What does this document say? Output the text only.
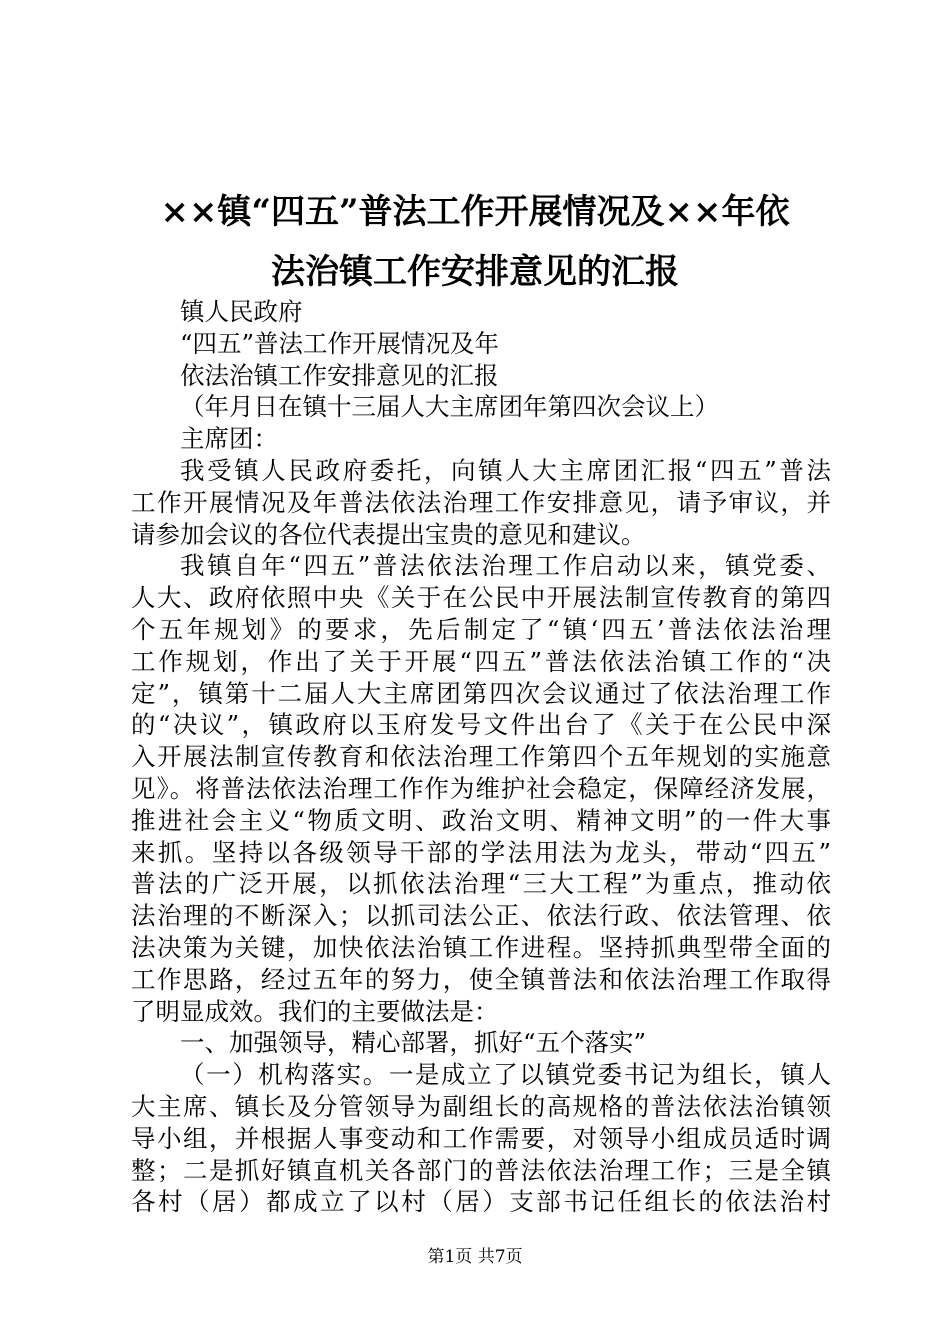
××镇“四五”普法工作开展情况及××年依
法治镇工作安排意见的汇报
镇人民政府
“四五”普法工作开展情况及年
依法治镇工作安排意见的汇报
（年月日在镇十三届人大主席团年第四次会议上）
主席团：
我受镇人民政府委托，向镇人大主席团汇报“四五”普法
工作开展情况及年普法依法治理工作安排意见，请予审议，并
请参加会议的各位代表提出宝贵的意见和建议。
我镇自年“四五”普法依法治理工作启动以来，镇党委、
人大、政府依照中央《关于在公民中开展法制宣传教育的第四
个五年规划》的要求，先后制定了“镇‘四五’普法依法治理
工作规划，作出了关于开展“四五”普法依法治镇工作的“决
定”，镇第十二届人大主席团第四次会议通过了依法治理工作
的“决议”，镇政府以玉府发号文件出台了《关于在公民中深
入开展法制宣传教育和依法治理工作第四个五年规划的实施意
见》。将普法依法治理工作作为维护社会稳定，保障经济发展，
推进社会主义“物质文明、政治文明、精神文明”的一件大事
来抓。坚持以各级领导干部的学法用法为龙头，带动“四五”
普法的广泛开展，以抓依法治理“三大工程”为重点，推动依
法治理的不断深入；以抓司法公正、依法行政、依法管理、依
法决策为关键，加快依法治镇工作进程。坚持抓典型带全面的
工作思路，经过五年的努力，使全镇普法和依法治理工作取得
了明显成效。我们的主要做法是：
一、加强领导，精心部署，抓好“五个落实”
（一）机构落实。一是成立了以镇党委书记为组长，镇人
大主席、镇长及分管领导为副组长的高规格的普法依法治镇领
导小组，并根据人事变动和工作需要，对领导小组成员适时调
整；二是抓好镇直机关各部门的普法依法治理工作；三是全镇
各村（居）都成立了以村（居）支部书记任组长的依法治村
第1页 共7页
